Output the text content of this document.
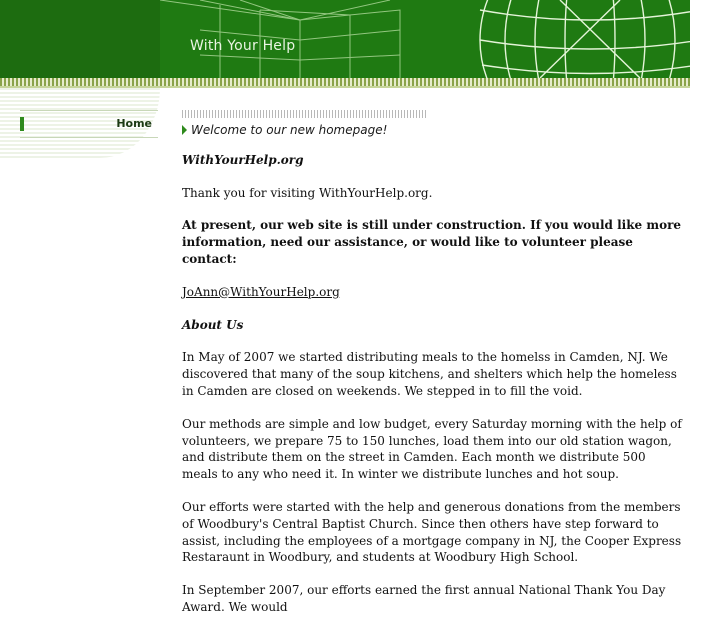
With Your Help
Home	Welcome to our new homepage!

WithYourHelp.org

Thank you for visiting WithYourHelp.org.

At present, our web site is still under construction. If you would like more information, need our assistance, or would like to volunteer please contact:

JoAnn@WithYourHelp.org

About Us

In May of 2007 we started distributing meals to the homelss in Camden, NJ. We discovered that many of the soup kitchens, and shelters which help the homeless in Camden are closed on weekends. We stepped in to fill the void.

Our methods are simple and low budget, every Saturday morning with the help of volunteers, we prepare 75 to 150 lunches, load them into our old station wagon, and distribute them on the street in Camden. Each month we distribute 500 meals to any who need it. In winter we distribute lunches and hot soup.

Our efforts were started with the help and generous donations from the members of Woodbury's Central Baptist Church. Since then others have step forward to assist, including the employees of a mortgage company in NJ, the Cooper Express Restaraunt in Woodbury, and students at Woodbury High School.

In September 2007, our efforts earned the first annual National Thank You Day Award. We would
